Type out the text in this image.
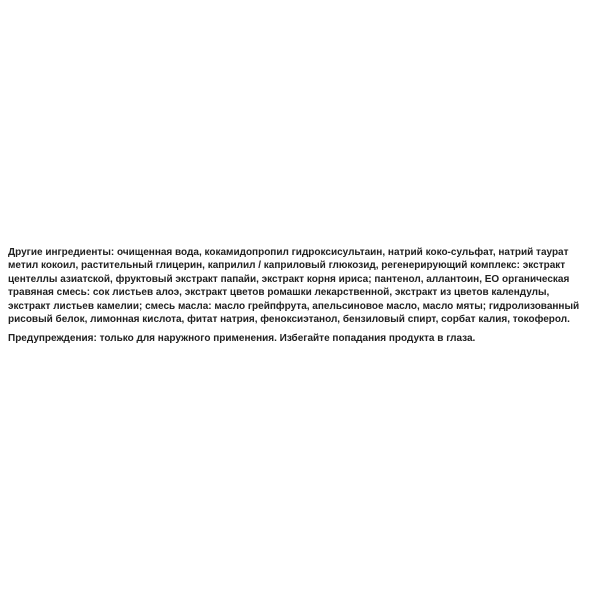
Другие ингредиенты: очищенная вода, кокамидопропил гидроксисультаин, натрий коко-сульфат, натрий таурат метил кокоил, растительный глицерин, каприлил / каприловый глюкозид, регенерирующий комплекс: экстракт центеллы азиатской, фруктовый экстракт папайи, экстракт корня ириса; пантенол, аллантоин, EO органическая травяная смесь: сок листьев алоэ, экстракт цветов ромашки лекарственной, экстракт из цветов календулы, экстракт листьев камелии; смесь масла: масло грейпфрута, апельсиновое масло, масло мяты; гидролизованный рисовый белок, лимонная кислота, фитат натрия, феноксиэтанол, бензиловый спирт, сорбат калия, токоферол.

Предупреждения: только для наружного применения. Избегайте попадания продукта в глаза.
